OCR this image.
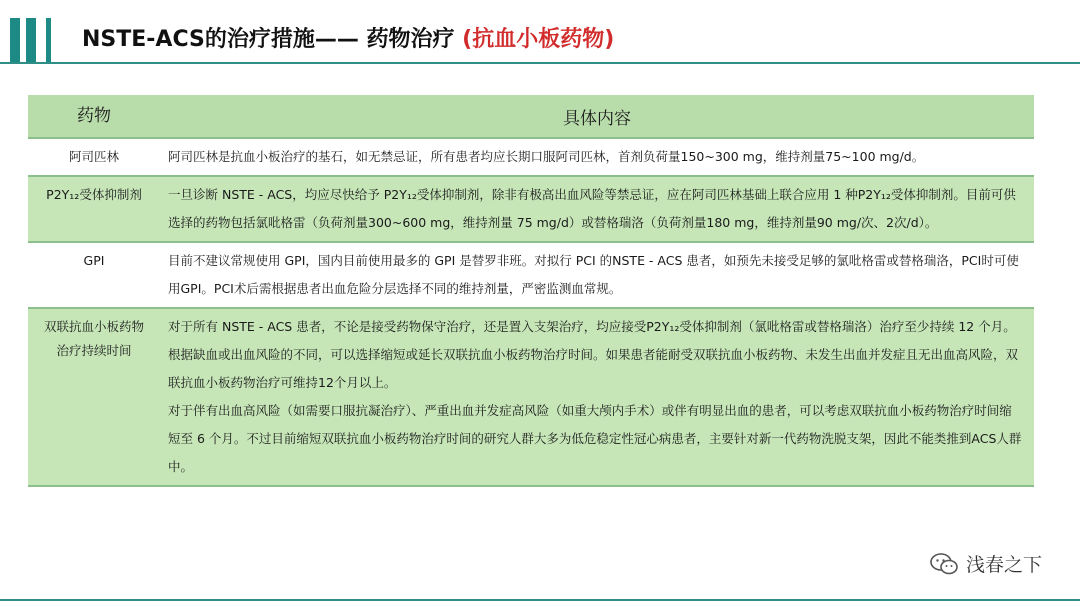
NSTE-ACS的治疗措施—— 药物治疗 (抗血小板药物)
药物	具体内容

阿司匹林	阿司匹林是抗血小板治疗的基石，如无禁忌证，所有患者均应长期口服阿司匹林，首剂负荷量150~300 mg，维持剂量75~100 mg/d。

P2Y₁₂受体抑制剂	一旦诊断 NSTE - ACS，均应尽快给予 P2Y₁₂受体抑制剂，除非有极高出血风险等禁忌证，应在阿司匹林基础上联合应用 1 种P2Y₁₂受体抑制剂。目前可供选择的药物包括氯吡格雷（负荷剂量300~600 mg，维持剂量 75 mg/d）或替格瑞洛（负荷剂量180 mg，维持剂量90 mg/次、2次/d）。

GPI	目前不建议常规使用 GPI，国内目前使用最多的 GPI 是替罗非班。对拟行 PCI 的NSTE - ACS 患者，如预先未接受足够的氯吡格雷或替格瑞洛，PCI时可使用GPI。PCI术后需根据患者出血危险分层选择不同的维持剂量，严密监测血常规。

双联抗血小板药物治疗持续时间	对于所有 NSTE - ACS 患者，不论是接受药物保守治疗，还是置入支架治疗，均应接受P2Y₁₂受体抑制剂（氯吡格雷或替格瑞洛）治疗至少持续 12 个月。根据缺血或出血风险的不同，可以选择缩短或延长双联抗血小板药物治疗时间。如果患者能耐受双联抗血小板药物、未发生出血并发症且无出血高风险，双联抗血小板药物治疗可维持12个月以上。
对于伴有出血高风险（如需要口服抗凝治疗）、严重出血并发症高风险（如重大颅内手术）或伴有明显出血的患者，可以考虑双联抗血小板药物治疗时间缩短至 6 个月。不过目前缩短双联抗血小板药物治疗时间的研究人群大多为低危稳定性冠心病患者，主要针对新一代药物洗脱支架，因此不能类推到ACS人群中。
浅春之下
